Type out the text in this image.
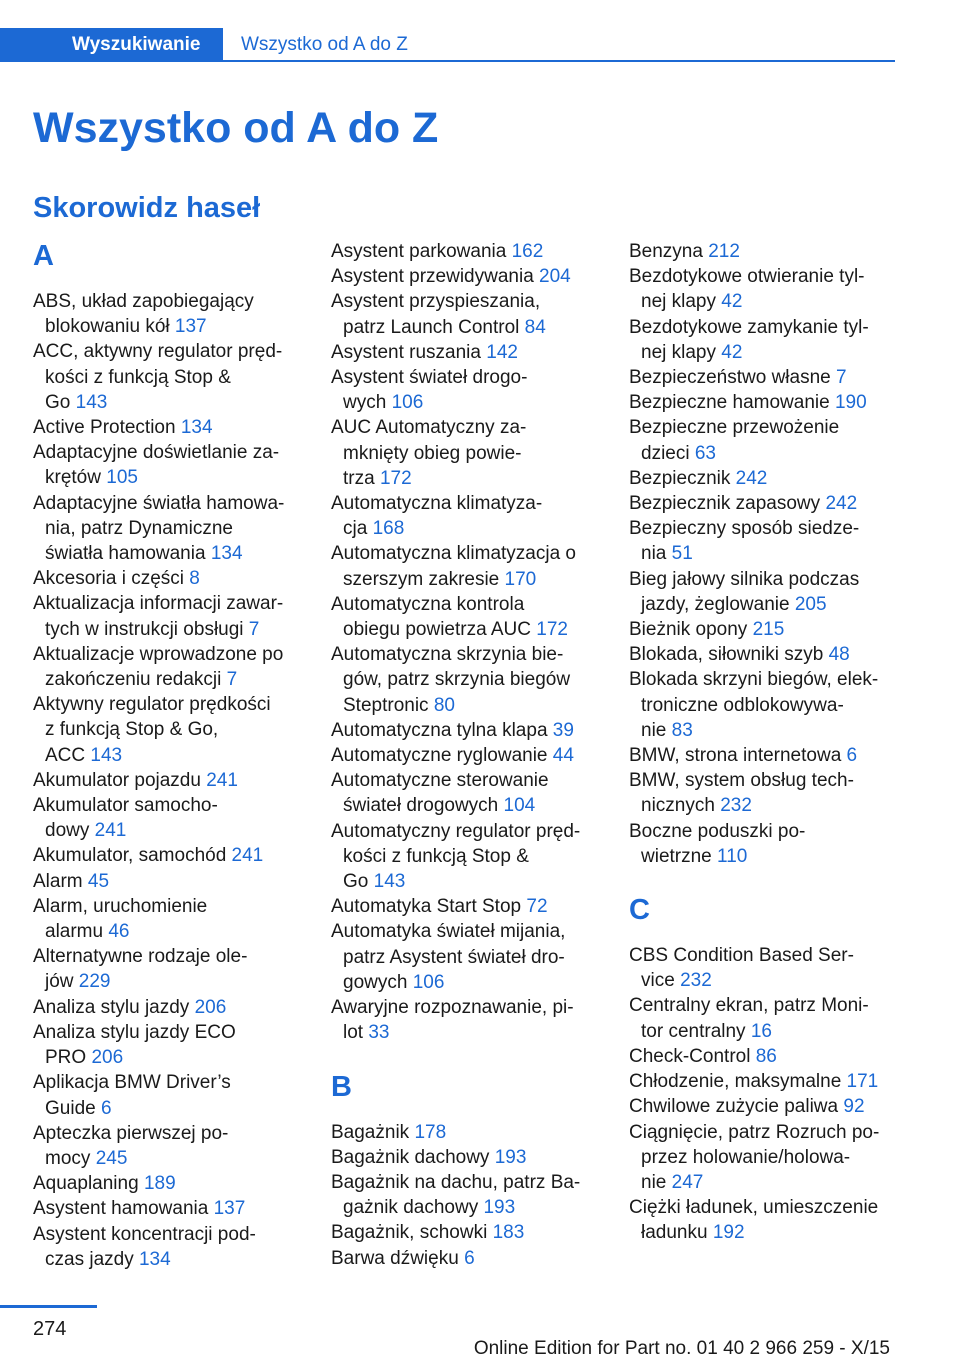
Wyszukiwanie	Wszystko od A do Z
Wszystko od A do Z
Skorowidz haseł
A
ABS, układ zapobiegający
blokowaniu kół 137
ACC, aktywny regulator pręd-
kości z funkcją Stop &
Go 143
Active Protection 134
Adaptacyjne doświetlanie za-
krętów 105
Adaptacyjne światła hamowa-
nia, patrz Dynamiczne
światła hamowania 134
Akcesoria i części 8
Aktualizacja informacji zawar-
tych w instrukcji obsługi 7
Aktualizacje wprowadzone po
zakończeniu redakcji 7
Aktywny regulator prędkości
z funkcją Stop & Go,
ACC 143
Akumulator pojazdu 241
Akumulator samocho-
dowy 241
Akumulator, samochód 241
Alarm 45
Alarm, uruchomienie
alarmu 46
Alternatywne rodzaje ole-
jów 229
Analiza stylu jazdy 206
Analiza stylu jazdy ECO
PRO 206
Aplikacja BMW Driver’s
Guide 6
Apteczka pierwszej po-
mocy 245
Aquaplaning 189
Asystent hamowania 137
Asystent koncentracji pod-
czas jazdy 134
Asystent parkowania 162
Asystent przewidywania 204
Asystent przyspieszania,
patrz Launch Control 84
Asystent ruszania 142
Asystent świateł drogo-
wych 106
AUC Automatyczny za-
mknięty obieg powie-
trza 172
Automatyczna klimatyza-
cja 168
Automatyczna klimatyzacja o
szerszym zakresie 170
Automatyczna kontrola
obiegu powietrza AUC 172
Automatyczna skrzynia bie-
gów, patrz skrzynia biegów
Steptronic 80
Automatyczna tylna klapa 39
Automatyczne ryglowanie 44
Automatyczne sterowanie
świateł drogowych 104
Automatyczny regulator pręd-
kości z funkcją Stop &
Go 143
Automatyka Start Stop 72
Automatyka świateł mijania,
patrz Asystent świateł dro-
gowych 106
Awaryjne rozpoznawanie, pi-
lot 33
B
Bagażnik 178
Bagażnik dachowy 193
Bagażnik na dachu, patrz Ba-
gażnik dachowy 193
Bagażnik, schowki 183
Barwa dźwięku 6
Benzyna 212
Bezdotykowe otwieranie tyl-
nej klapy 42
Bezdotykowe zamykanie tyl-
nej klapy 42
Bezpieczeństwo własne 7
Bezpieczne hamowanie 190
Bezpieczne przewożenie
dzieci 63
Bezpiecznik 242
Bezpiecznik zapasowy 242
Bezpieczny sposób siedze-
nia 51
Bieg jałowy silnika podczas
jazdy, żeglowanie 205
Bieżnik opony 215
Blokada, siłowniki szyb 48
Blokada skrzyni biegów, elek-
troniczne odblokowywa-
nie 83
BMW, strona internetowa 6
BMW, system obsług tech-
nicznych 232
Boczne poduszki po-
wietrzne 110
C
CBS Condition Based Ser-
vice 232
Centralny ekran, patrz Moni-
tor centralny 16
Check-Control 86
Chłodzenie, maksymalne 171
Chwilowe zużycie paliwa 92
Ciągnięcie, patrz Rozruch po-
przez holowanie/holowa-
nie 247
Ciężki ładunek, umieszczenie
ładunku 192
274
Online Edition for Part no. 01 40 2 966 259 - X/15
